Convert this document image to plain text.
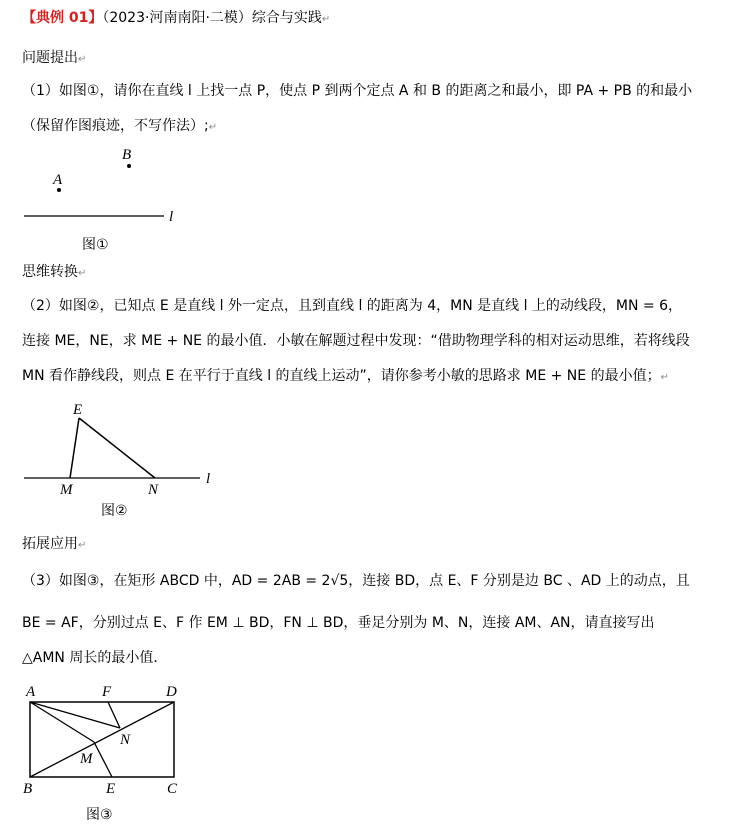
【典例 01】（2023·河南南阳·二模）综合与实践↵
问题提出↵
（1）如图①，请你在直线 l 上找一点 P，使点 P 到两个定点 A 和 B 的距离之和最小，即 PA + PB 的和最小
（保留作图痕迹，不写作法）;↵
A
B
l
图①
思维转换↵
（2）如图②，已知点 E 是直线 l 外一定点，且到直线 l 的距离为 4，MN 是直线 l 上的动线段，MN = 6，
连接 ME，NE，求 ME + NE 的最小值．小敏在解题过程中发现：“借助物理学科的相对运动思维，若将线段
MN 看作静线段，则点 E 在平行于直线 l 的直线上运动”，请你参考小敏的思路求 ME + NE 的最小值；↵
E
M	N
l
图②
拓展应用↵
（3）如图③，在矩形 ABCD 中，AD = 2AB = 2√5，连接 BD，点 E、F 分别是边 BC 、AD 上的动点，且
BE = AF，分别过点 E、F 作 EM ⊥ BD，FN ⊥ BD，垂足分别为 M、N，连接 AM、AN，请直接写出
△AMN 周长的最小值．
A	F	D
N
M
B	E	C
图③
